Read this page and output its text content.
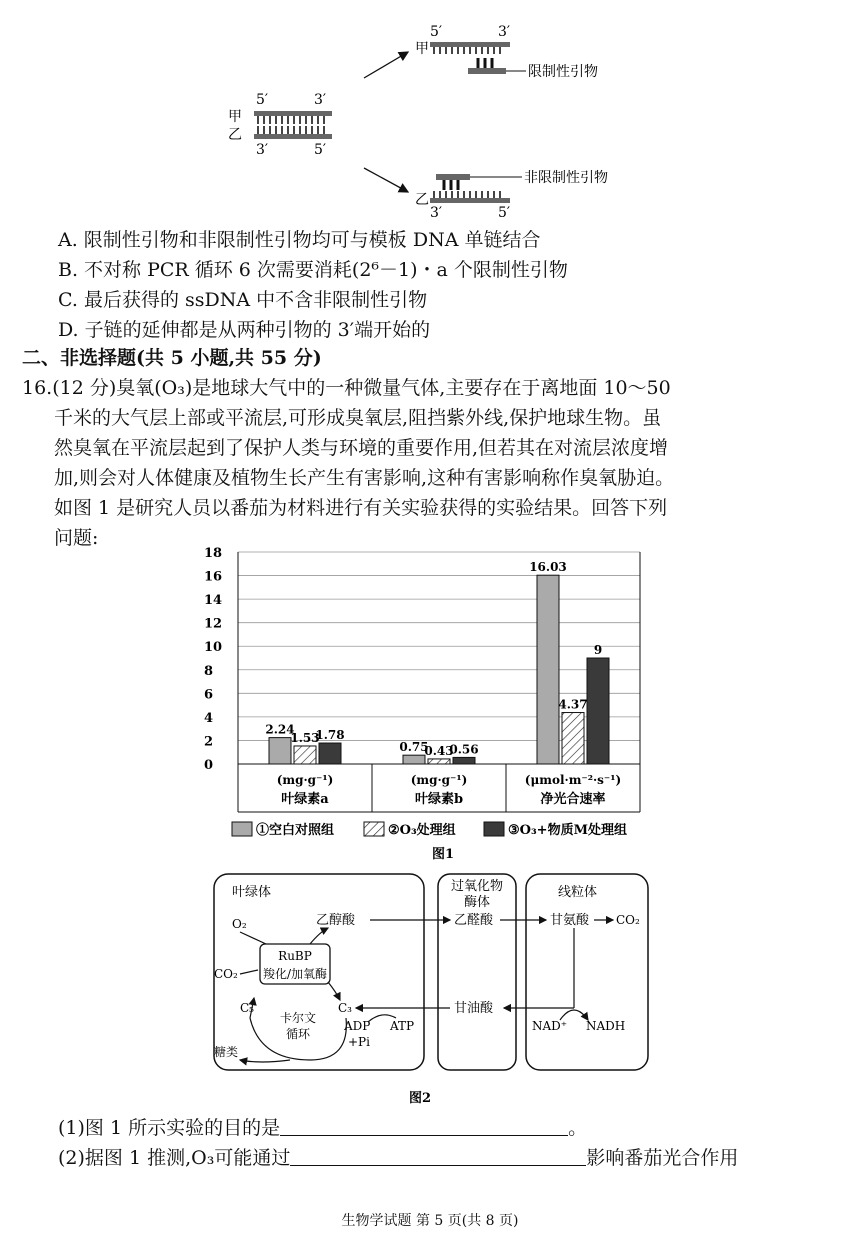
5′	3′
甲
乙
3′	5′
5′	3′
甲
限制性引物
非限制性引物
乙
3′	5′
A. 限制性引物和非限制性引物均可与模板 DNA 单链结合
B. 不对称 PCR 循环 6 次需要消耗(2⁶－1)・a 个限制性引物
C. 最后获得的 ssDNA 中不含非限制性引物
D. 子链的延伸都是从两种引物的 3′端开始的
二、非选择题(共 5 小题,共 55 分)
16.(12 分)臭氧(O₃)是地球大气中的一种微量气体,主要存在于离地面 10～50
千米的大气层上部或平流层,可形成臭氧层,阻挡紫外线,保护地球生物。虽
然臭氧在平流层起到了保护人类与环境的重要作用,但若其在对流层浓度增
加,则会对人体健康及植物生长产生有害影响,这种有害影响称作臭氧胁迫。
如图 1 是研究人员以番茄为材料进行有关实验获得的实验结果。回答下列
问题:
0
2
4
6
8
10
12
14
16
18
2.24
1.53
1.78
(mg·g⁻¹)
叶绿素a
0.75
0.43
0.56
(mg·g⁻¹)
叶绿素b
16.03
4.37
9
(μmol·m⁻²·s⁻¹)
净光合速率
①空白对照组	②O₃处理组	③O₃+物质M处理组
图1
叶绿体	过氧化物
酶体
线粒体
O₂	乙醇酸
RuBP
羧化/加氧酶
CO₂
C₅	C₃
卡尔文
循环
ADP
+Pi
ATP
糖类
乙醛酸	甘氨酸 CO₂
甘油酸
NAD⁺ NADH
图2
(1)图 1 所示实验的目的是	。
(2)据图 1 推测,O₃可能通过	影响番茄光合作用
生物学试题 第 5 页(共 8 页)
